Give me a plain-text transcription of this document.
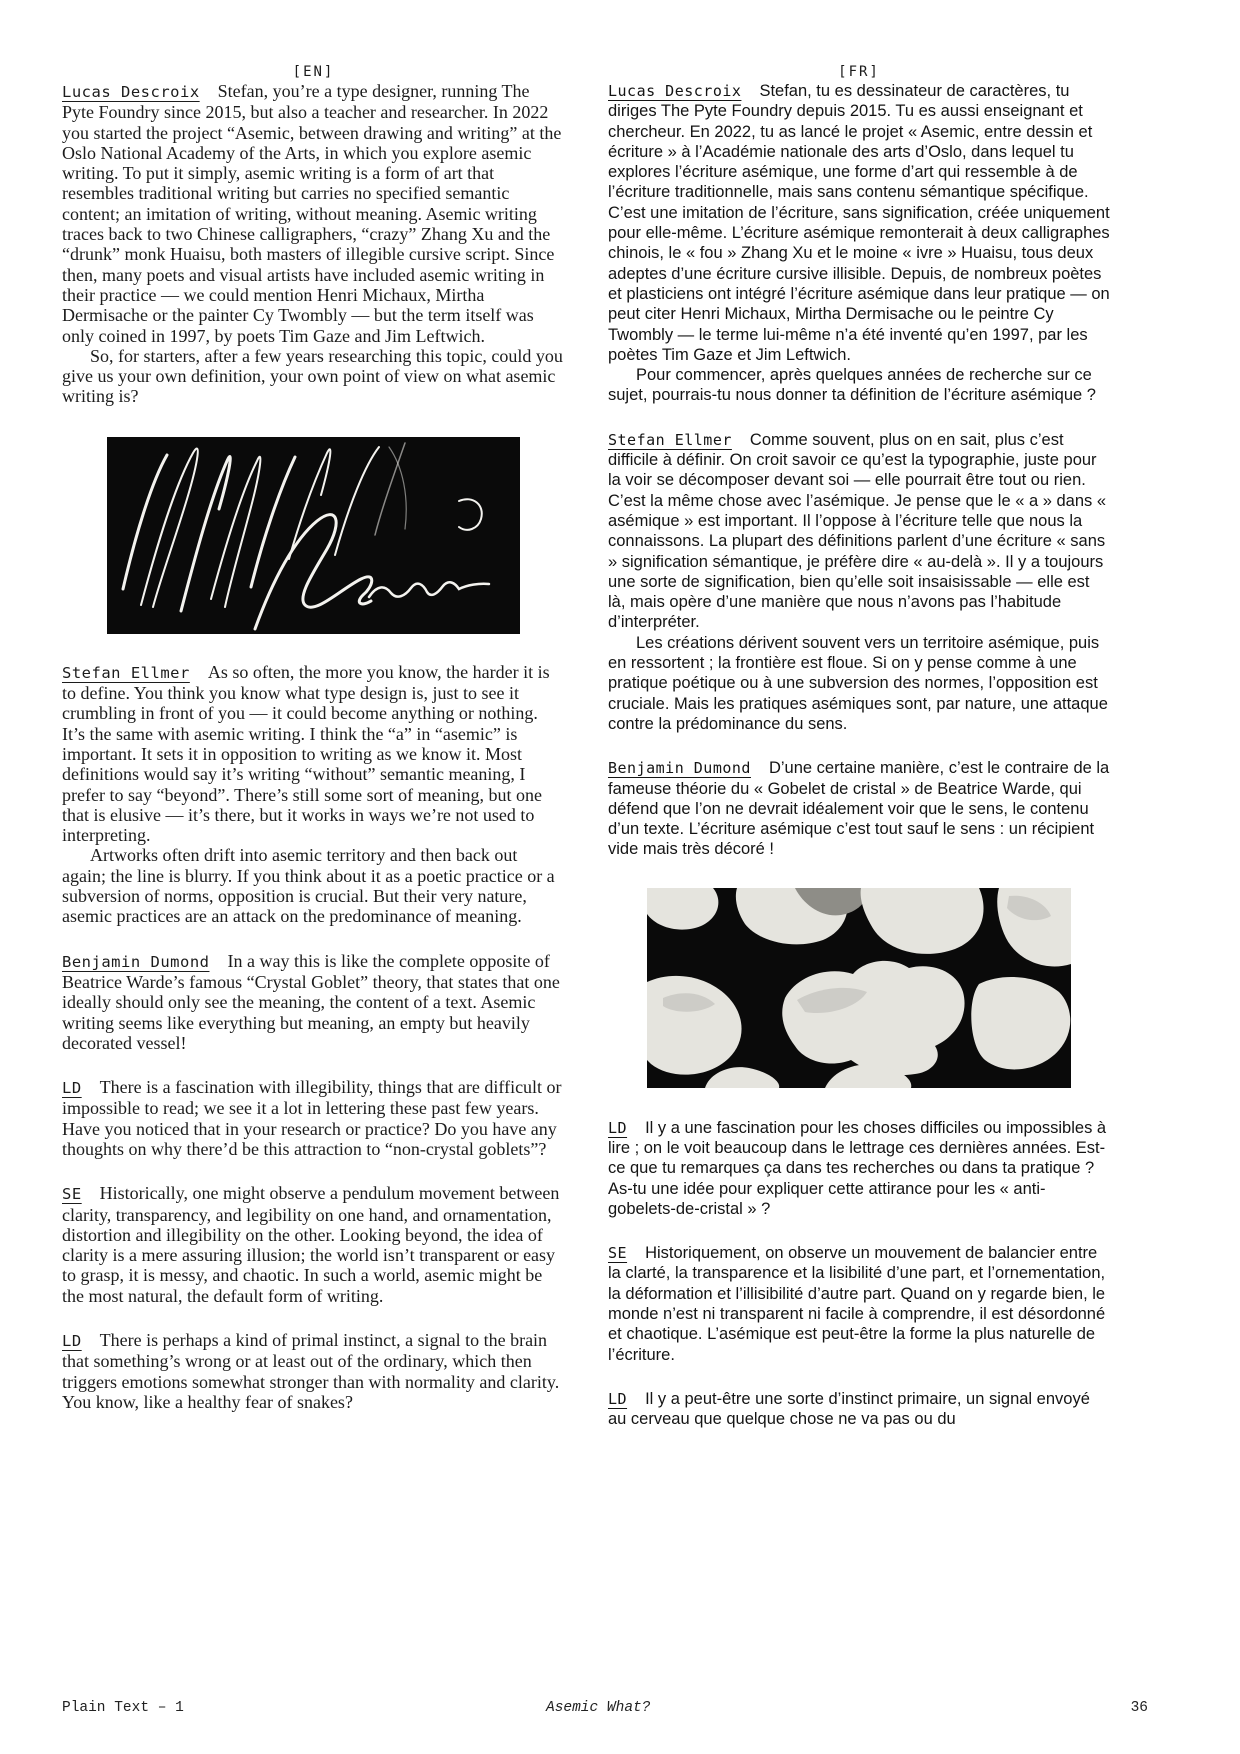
[EN]

Lucas Descroix Stefan, you’re a type designer, running The Pyte Foundry since 2015, but also a teacher and researcher. In 2022 you started the project “Asemic, between drawing and writing” at the Oslo National Academy of the Arts, in which you explore asemic writing. To put it simply, asemic writing is a form of art that resembles traditional writing but carries no specified semantic content; an imitation of writing, without meaning. Asemic writing traces back to two Chinese calligraphers, “crazy” Zhang Xu and the “drunk” monk Huaisu, both masters of illegible cursive script. Since then, many poets and visual artists have included asemic writing in their practice — we could mention Henri Michaux, Mirtha Dermisache or the painter Cy Twombly — but the term itself was only coined in 1997, by poets Tim Gaze and Jim Leftwich.

So, for starters, after a few years researching this topic, could you give us your own definition, your own point of view on what asemic writing is?

Stefan Ellmer As so often, the more you know, the harder it is to define. You think you know what type design is, just to see it crumbling in front of you — it could become anything or nothing. It’s the same with asemic writing. I think the “a” in “asemic” is important. It sets it in opposition to writing as we know it. Most definitions would say it’s writing “without” semantic meaning, I prefer to say “beyond”. There’s still some sort of meaning, but one that is elusive — it’s there, but it works in ways we’re not used to interpreting.

Artworks often drift into asemic territory and then back out again; the line is blurry. If you think about it as a poetic practice or a subversion of norms, opposition is crucial. But their very nature, asemic practices are an attack on the predominance of meaning.

Benjamin Dumond In a way this is like the complete opposite of Beatrice Warde’s famous “Crystal Goblet” theory, that states that one ideally should only see the meaning, the content of a text. Asemic writing seems like everything but meaning, an empty but heavily decorated vessel!

LD There is a fascination with illegibility, things that are difficult or impossible to read; we see it a lot in lettering these past few years. Have you noticed that in your research or practice? Do you have any thoughts on why there’d be this attraction to “non-crystal goblets”?

SE Historically, one might observe a pendulum movement between clarity, transparency, and legibility on one hand, and ornamentation, distortion and illegibility on the other. Looking beyond, the idea of clarity is a mere assuring illusion; the world isn’t transparent or easy to grasp, it is messy, and chaotic. In such a world, asemic might be the most natural, the default form of writing.

LD There is perhaps a kind of primal instinct, a signal to the brain that something’s wrong or at least out of the ordinary, which then triggers emotions somewhat stronger than with normality and clarity. You know, like a healthy fear of snakes?

[FR]

Lucas Descroix Stefan, tu es dessinateur de caractères, tu diriges The Pyte Foundry depuis 2015. Tu es aussi enseignant et chercheur. En 2022, tu as lancé le projet « Asemic, entre dessin et écriture » à l’Académie nationale des arts d’Oslo, dans lequel tu explores l’écriture asémique, une forme d’art qui ressemble à de l’écriture traditionnelle, mais sans contenu sémantique spécifique. C’est une imitation de l’écriture, sans signification, créée uniquement pour elle-même. L’écriture asémique remonterait à deux calligraphes chinois, le « fou » Zhang Xu et le moine « ivre » Huaisu, tous deux adeptes d’une écriture cursive illisible. Depuis, de nombreux poètes et plasticiens ont intégré l’écriture asémique dans leur pratique — on peut citer Henri Michaux, Mirtha Dermisache ou le peintre Cy Twombly — le terme lui-même n’a été inventé qu’en 1997, par les poètes Tim Gaze et Jim Leftwich.

Pour commencer, après quelques années de recherche sur ce sujet, pourrais-tu nous donner ta définition de l’écriture asémique ?

Stefan Ellmer Comme souvent, plus on en sait, plus c’est difficile à définir. On croit savoir ce qu’est la typographie, juste pour la voir se décomposer devant soi — elle pourrait être tout ou rien. C’est la même chose avec l’asémique. Je pense que le « a » dans « asémique » est important. Il l’oppose à l’écriture telle que nous la connaissons. La plupart des définitions parlent d’une écriture « sans » signification sémantique, je préfère dire « au-delà ». Il y a toujours une sorte de signification, bien qu’elle soit insaisissable — elle est là, mais opère d’une manière que nous n’avons pas l’habitude d’interpréter.

Les créations dérivent souvent vers un territoire asémique, puis en ressortent ; la frontière est floue. Si on y pense comme à une pratique poétique ou à une subversion des normes, l’opposition est cruciale. Mais les pratiques asémiques sont, par nature, une attaque contre la prédominance du sens.

Benjamin Dumond D’une certaine manière, c’est le contraire de la fameuse théorie du « Gobelet de cristal » de Beatrice Warde, qui défend que l’on ne devrait idéalement voir que le sens, le contenu d’un texte. L’écriture asémique c’est tout sauf le sens : un récipient vide mais très décoré !

LD Il y a une fascination pour les choses difficiles ou impossibles à lire ; on le voit beaucoup dans le lettrage ces dernières années. Est-ce que tu remarques ça dans tes recherches ou dans ta pratique ? As-tu une idée pour expliquer cette attirance pour les « anti-gobelets-de-cristal » ?

SE Historiquement, on observe un mouvement de balancier entre la clarté, la transparence et la lisibilité d’une part, et l’ornementation, la déformation et l’illisibilité d’autre part. Quand on y regarde bien, le monde n’est ni transparent ni facile à comprendre, il est désordonné et chaotique. L’asémique est peut-être la forme la plus naturelle de l’écriture.

LD Il y a peut-être une sorte d’instinct primaire, un signal envoyé au cerveau que quelque chose ne va pas ou du

Plain Text – 1	Asemic What?	36
